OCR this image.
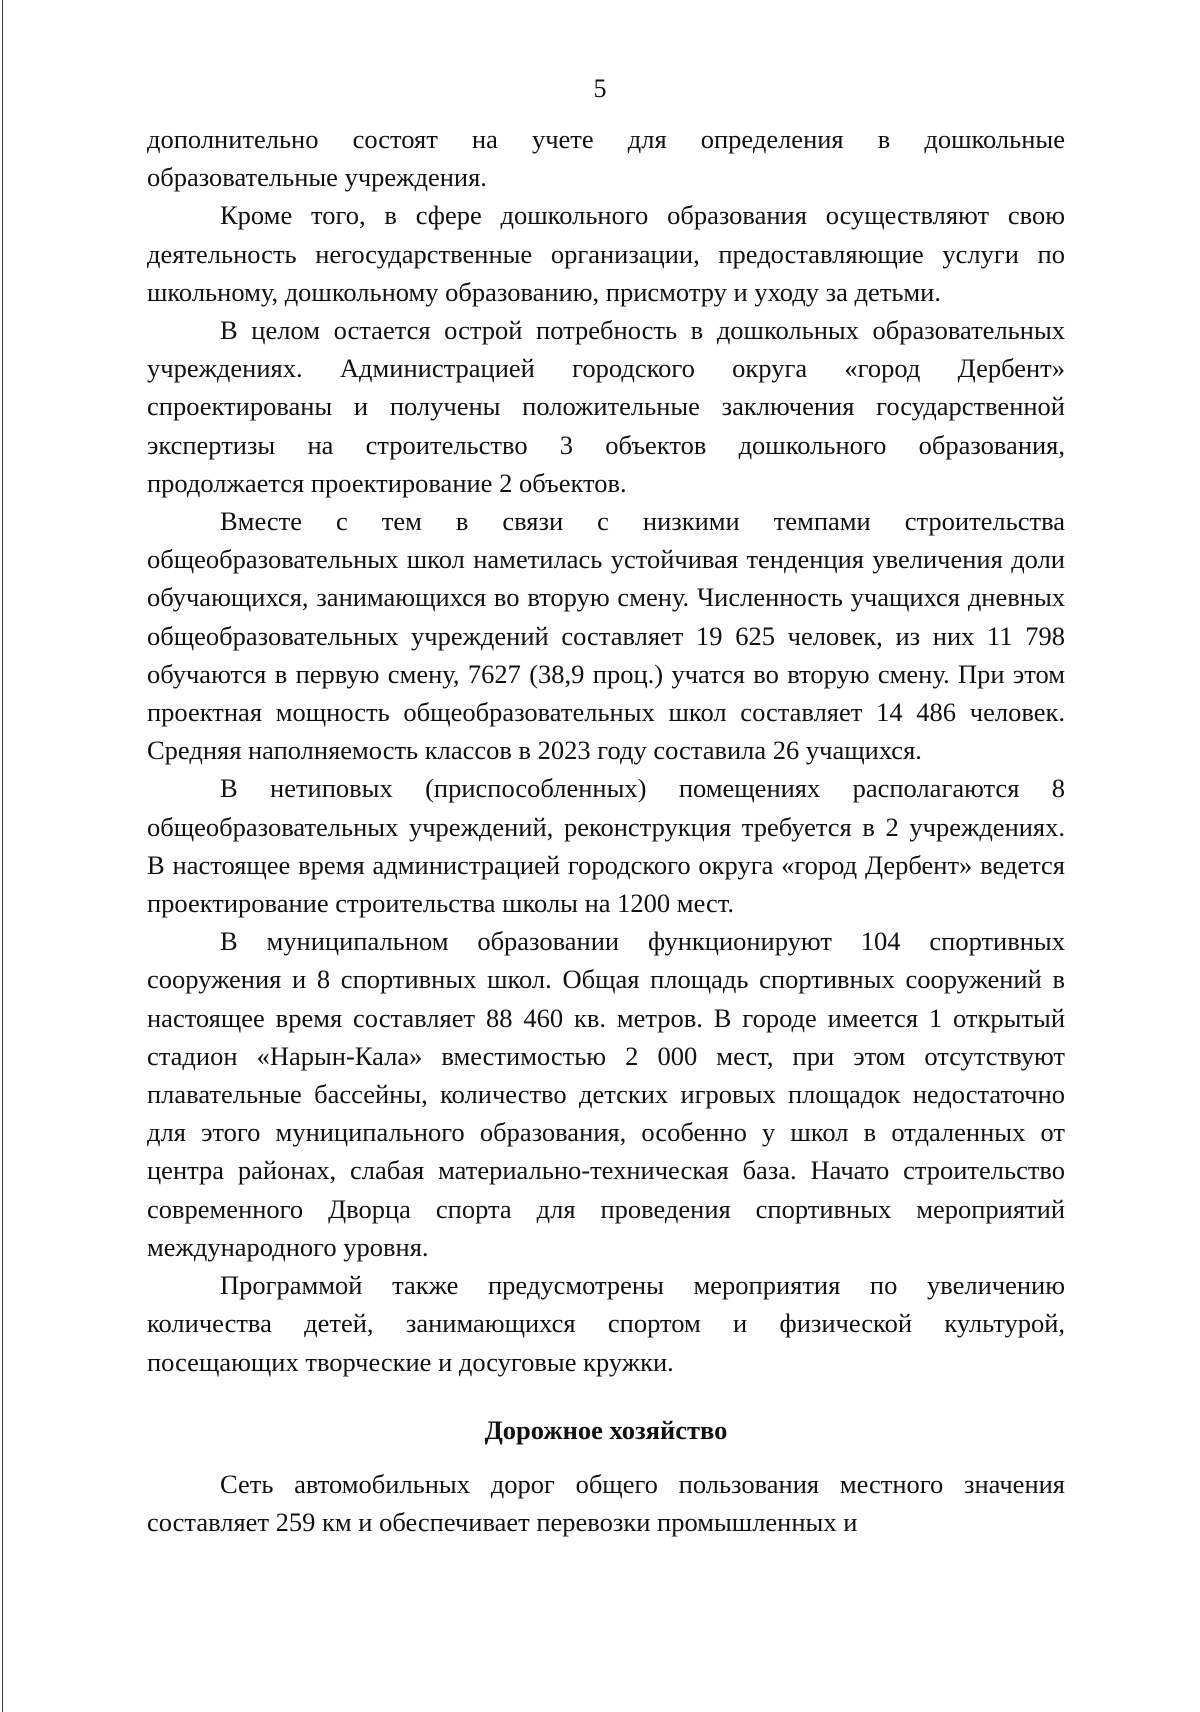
5

дополнительно состоят на учете для определения в дошкольные образовательные учреждения.

Кроме того, в сфере дошкольного образования осуществляют свою деятельность негосударственные организации, предоставляющие услуги по школьному, дошкольному образованию, присмотру и уходу за детьми.

В целом остается острой потребность в дошкольных образовательных учреждениях. Администрацией городского округа «город Дербент» спроектированы и получены положительные заключения государственной экспертизы на строительство 3 объектов дошкольного образования, продолжается проектирование 2 объектов.

Вместе с тем в связи с низкими темпами строительства общеобразовательных школ наметилась устойчивая тенденция увеличения доли обучающихся, занимающихся во вторую смену. Численность учащихся дневных общеобразовательных учреждений составляет 19 625 человек, из них 11 798 обучаются в первую смену, 7627 (38,9 проц.) учатся во вторую смену. При этом проектная мощность общеобразовательных школ составляет 14 486 человек. Средняя наполняемость классов в 2023 году составила 26 учащихся.

В нетиповых (приспособленных) помещениях располагаются 8 общеобразовательных учреждений, реконструкция требуется в 2 учреждениях. В настоящее время администрацией городского округа «город Дербент» ведется проектирование строительства школы на 1200 мест.

В муниципальном образовании функционируют 104 спортивных сооружения и 8 спортивных школ. Общая площадь спортивных сооружений в настоящее время составляет 88 460 кв. метров. В городе имеется 1 открытый стадион «Нарын-Кала» вместимостью 2 000 мест, при этом отсутствуют плавательные бассейны, количество детских игровых площадок недостаточно для этого муниципального образования, особенно у школ в отдаленных от центра районах, слабая материально-техническая база. Начато строительство современного Дворца спорта для проведения спортивных мероприятий международного уровня.

Программой также предусмотрены мероприятия по увеличению количества детей, занимающихся спортом и физической культурой, посещающих творческие и досуговые кружки.

Дорожное хозяйство

Сеть автомобильных дорог общего пользования местного значения составляет 259 км и обеспечивает перевозки промышленных и
